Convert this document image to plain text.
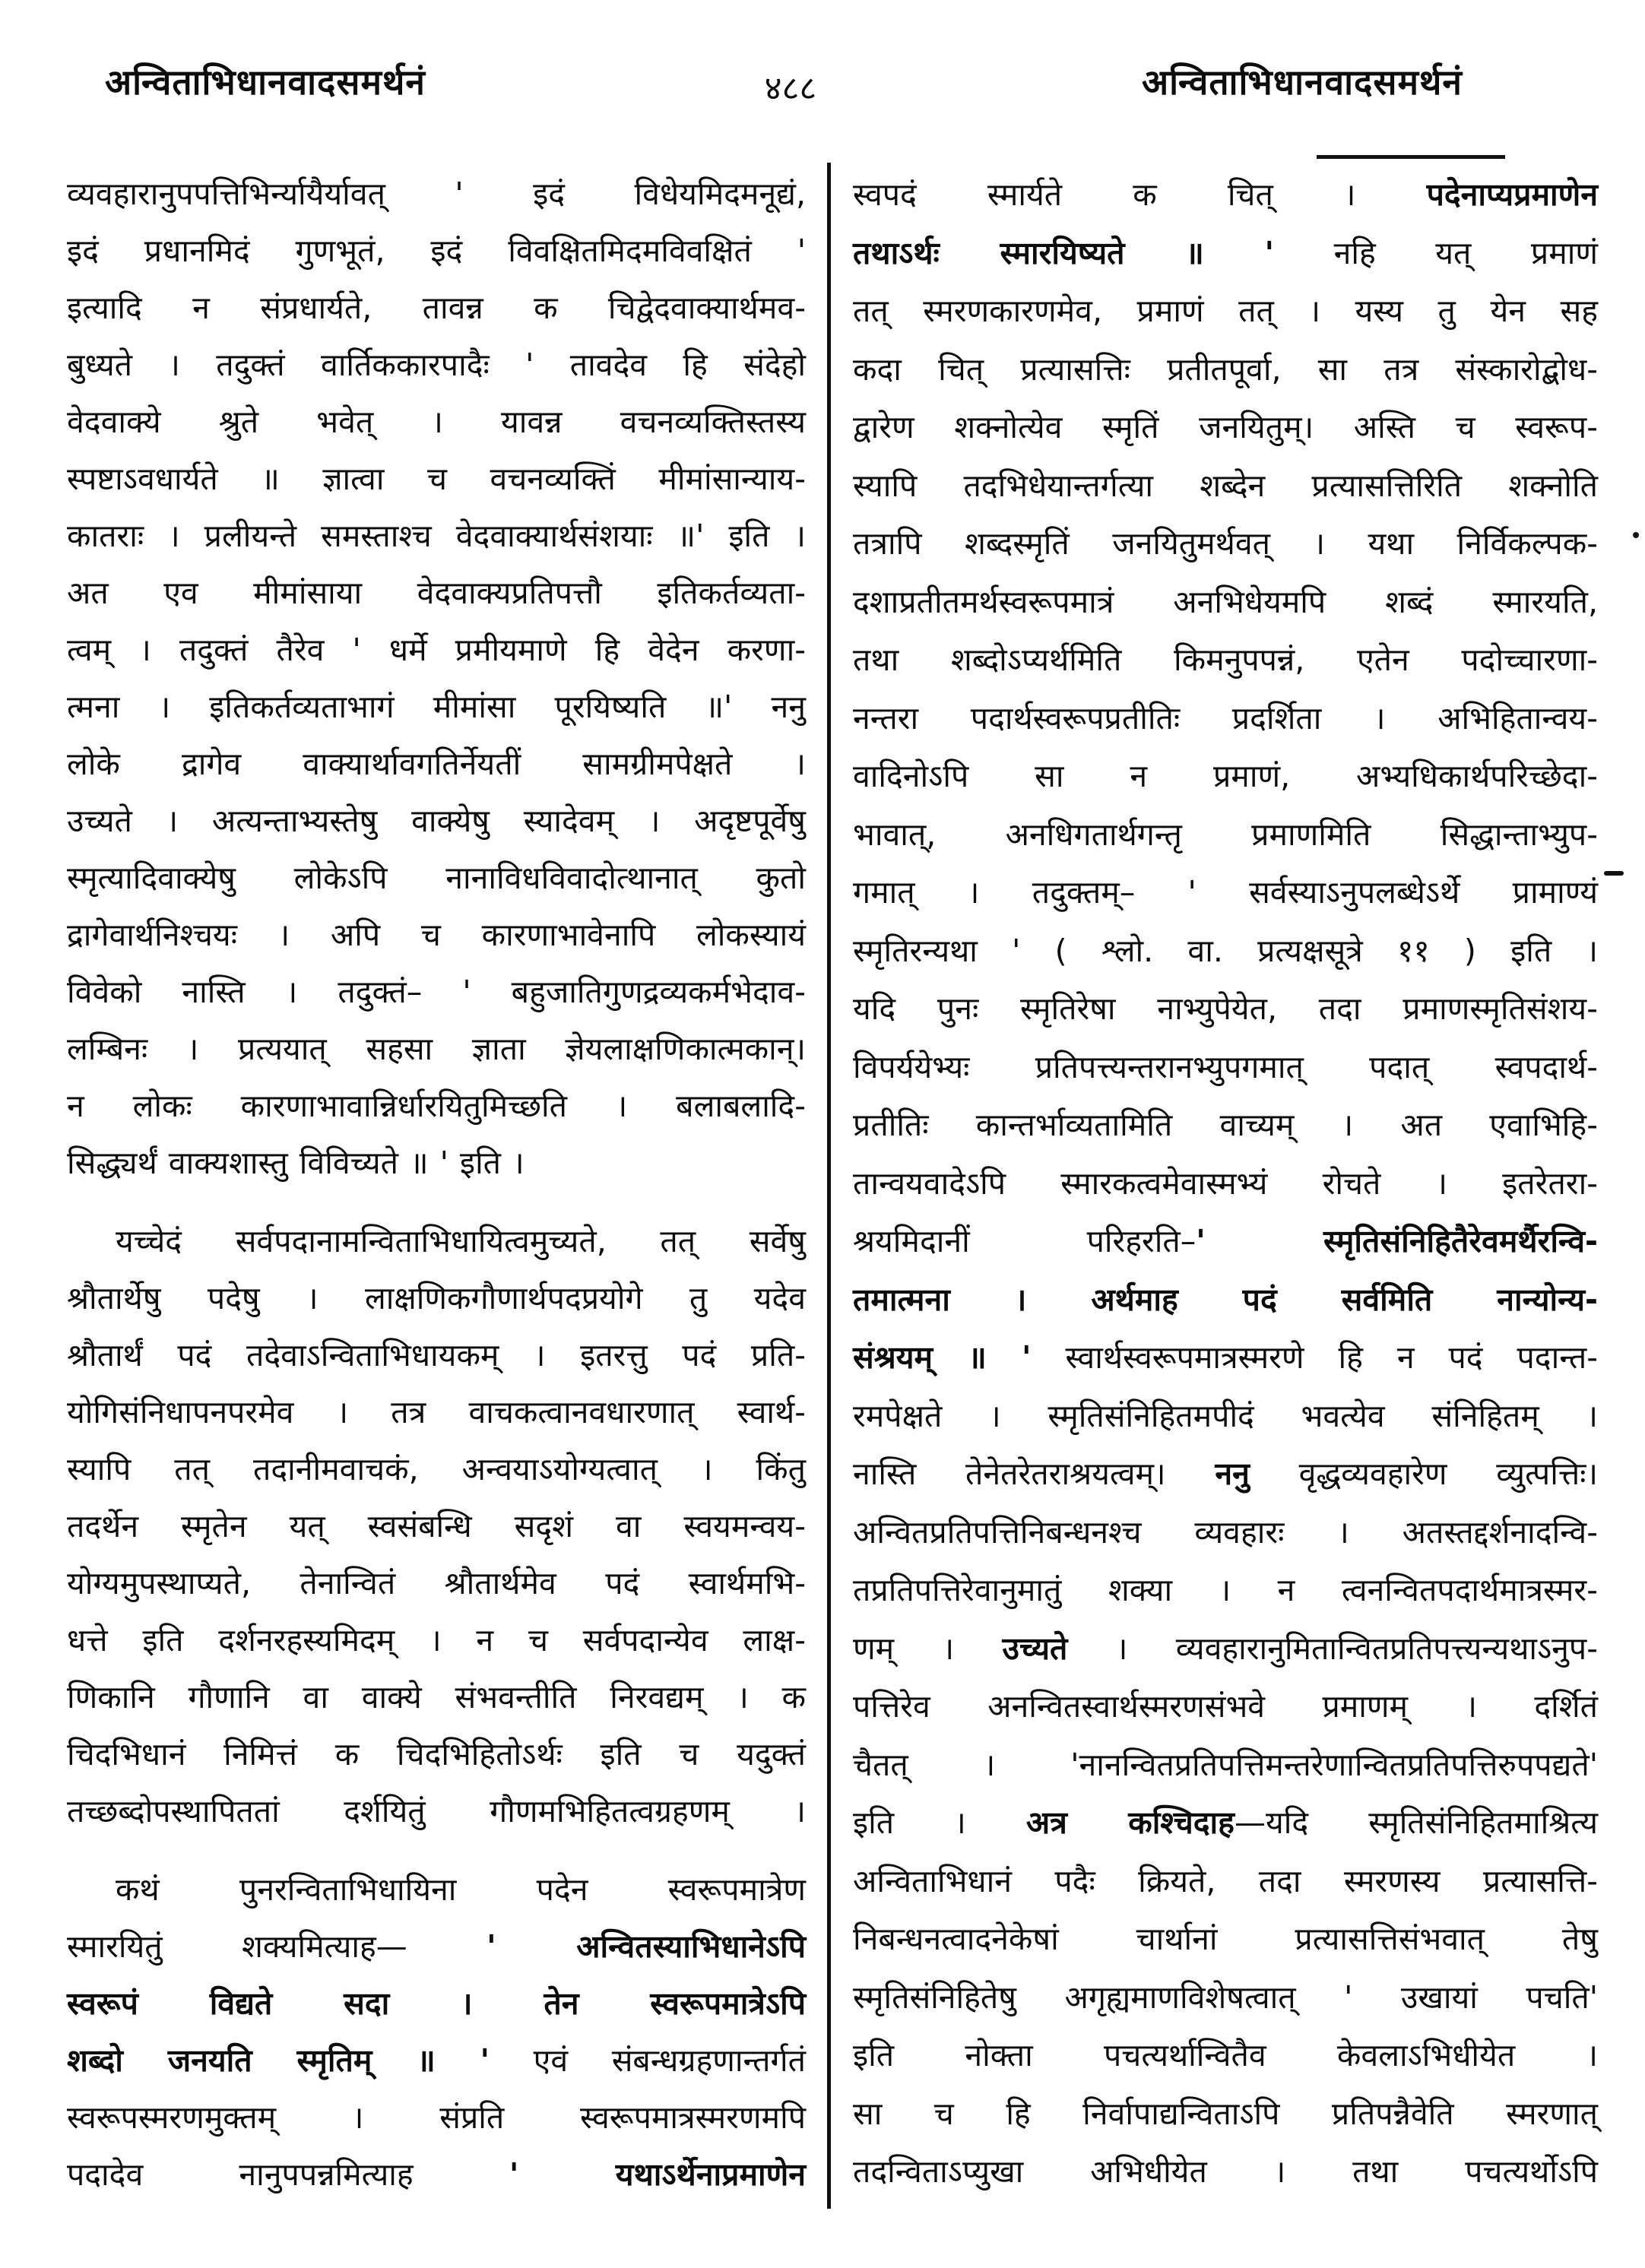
अन्विताभिधानवादसमर्थनं	४८८	अन्विताभिधानवादसमर्थनं
व्यवहारानुपपत्तिभिर्न्यायैर्यावत् ' इदं विधेयमिदमनूद्यं,
इदं प्रधानमिदं गुणभूतं, इदं विवक्षितमिदमविवक्षितं '
इत्यादि न संप्रधार्यते, तावन्न क चिद्वेदवाक्यार्थमव-
बुध्यते । तदुक्तं वार्तिककारपादैः ' तावदेव हि संदेहो
वेदवाक्ये श्रुते भवेत् । यावन्न वचनव्यक्तिस्तस्य
स्पष्टाऽवधार्यते ॥ ज्ञात्वा च वचनव्यक्तिं मीमांसान्याय-
कातराः । प्रलीयन्ते समस्ताश्च वेदवाक्यार्थसंशयाः ॥' इति ।
अत एव मीमांसाया वेदवाक्यप्रतिपत्तौ इतिकर्तव्यता-
त्वम् । तदुक्तं तैरेव ' धर्मे प्रमीयमाणे हि वेदेन करणा-
त्मना । इतिकर्तव्यताभागं मीमांसा पूरयिष्यति ॥' ननु
लोके द्रागेव वाक्यार्थावगतिर्नेयतीं सामग्रीमपेक्षते ।
उच्यते । अत्यन्ताभ्यस्तेषु वाक्येषु स्यादेवम् । अदृष्टपूर्वेषु
स्मृत्यादिवाक्येषु लोकेऽपि नानाविधविवादोत्थानात् कुतो
द्रागेवार्थनिश्चयः । अपि च कारणाभावेनापि लोकस्यायं
विवेको नास्ति । तदुक्तं– ' बहुजातिगुणद्रव्यकर्मभेदाव-
लम्बिनः । प्रत्ययात् सहसा ज्ञाता ज्ञेयलाक्षणिकात्मकान्।
न लोकः कारणाभावान्निर्धारयितुमिच्छति । बलाबलादि-
सिद्ध्यर्थं वाक्यशास्तु विविच्यते ॥ ' इति ।
यच्चेदं सर्वपदानामन्विताभिधायित्वमुच्यते, तत् सर्वेषु
श्रौतार्थेषु पदेषु । लाक्षणिकगौणार्थपदप्रयोगे तु यदेव
श्रौतार्थं पदं तदेवाऽन्विताभिधायकम् । इतरत्तु पदं प्रति-
योगिसंनिधापनपरमेव । तत्र वाचकत्वानवधारणात् स्वार्थ-
स्यापि तत् तदानीमवाचकं, अन्वयाऽयोग्यत्वात् । किंतु
तदर्थेन स्मृतेन यत् स्वसंबन्धि सदृशं वा स्वयमन्वय-
योग्यमुपस्थाप्यते, तेनान्वितं श्रौतार्थमेव पदं स्वार्थमभि-
धत्ते इति दर्शनरहस्यमिदम् । न च सर्वपदान्येव लाक्ष-
णिकानि गौणानि वा वाक्ये संभवन्तीति निरवद्यम् । क
चिदभिधानं निमित्तं क चिदभिहितोऽर्थः इति च यदुक्तं
तच्छब्दोपस्थापिततां दर्शयितुं गौणमभिहितत्वग्रहणम् ।
कथं पुनरन्विताभिधायिना पदेन स्वरूपमात्रेण
स्मारयितुं शक्यमित्याह— ' अन्वितस्याभिधानेऽपि
स्वरूपं विद्यते सदा । तेन स्वरूपमात्रेऽपि
शब्दो जनयति स्मृतिम् ॥ ' एवं संबन्धग्रहणान्तर्गतं
स्वरूपस्मरणमुक्तम् । संप्रति स्वरूपमात्रस्मरणमपि
पदादेव नानुपपन्नमित्याह ' यथाऽर्थेनाप्रमाणेन
स्वपदं स्मार्यते क चित् । पदेनाप्यप्रमाणेन
तथाऽर्थः स्मारयिष्यते ॥ ' नहि यत् प्रमाणं
तत् स्मरणकारणमेव, प्रमाणं तत् । यस्य तु येन सह
कदा चित् प्रत्यासत्तिः प्रतीतपूर्वा, सा तत्र संस्कारोद्बोध-
द्वारेण शक्नोत्येव स्मृतिं जनयितुम्। अस्ति च स्वरूप-
स्यापि तदभिधेयान्तर्गत्या शब्देन प्रत्यासत्तिरिति शक्नोति
तत्रापि शब्दस्मृतिं जनयितुमर्थवत् । यथा निर्विकल्पक-
दशाप्रतीतमर्थस्वरूपमात्रं अनभिधेयमपि शब्दं स्मारयति,
तथा शब्दोऽप्यर्थमिति किमनुपपन्नं, एतेन पदोच्चारणा-
नन्तरा पदार्थस्वरूपप्रतीतिः प्रदर्शिता । अभिहितान्वय-
वादिनोऽपि सा न प्रमाणं, अभ्यधिकार्थपरिच्छेदा-
भावात्, अनधिगतार्थगन्तृ प्रमाणमिति सिद्धान्ताभ्युप-
गमात् । तदुक्तम्– ' सर्वस्याऽनुपलब्धेऽर्थे प्रामाण्यं
स्मृतिरन्यथा ' ( श्लो. वा. प्रत्यक्षसूत्रे ११ ) इति ।
यदि पुनः स्मृतिरेषा नाभ्युपेयेत, तदा प्रमाणस्मृतिसंशय-
विपर्ययेभ्यः प्रतिपत्त्यन्तरानभ्युपगमात् पदात् स्वपदार्थ-
प्रतीतिः कान्तर्भाव्यतामिति वाच्यम् । अत एवाभिहि-
तान्वयवादेऽपि स्मारकत्वमेवास्मभ्यं रोचते । इतरेतरा-
श्रयमिदानीं परिहरति–' स्मृतिसंनिहितैरेवमर्थैरन्वि-
तमात्मना । अर्थमाह पदं सर्वमिति नान्योन्य-
संश्रयम् ॥ ' स्वार्थस्वरूपमात्रस्मरणे हि न पदं पदान्त-
रमपेक्षते । स्मृतिसंनिहितमपीदं भवत्येव संनिहितम् ।
नास्ति तेनेतरेतराश्रयत्वम्। ननु वृद्धव्यवहारेण व्युत्पत्तिः।
अन्वितप्रतिपत्तिनिबन्धनश्च व्यवहारः । अतस्तद्दर्शनादन्वि-
तप्रतिपत्तिरेवानुमातुं शक्या । न त्वनन्वितपदार्थमात्रस्मर-
णम् । उच्यते । व्यवहारानुमितान्वितप्रतिपत्त्यन्यथाऽनुप-
पत्तिरेव अनन्वितस्वार्थस्मरणसंभवे प्रमाणम् । दर्शितं
चैतत् । 'नानन्वितप्रतिपत्तिमन्तरेणान्वितप्रतिपत्तिरुपपद्यते'
इति । अत्र कश्चिदाह—यदि स्मृतिसंनिहितमाश्रित्य
अन्विताभिधानं पदैः क्रियते, तदा स्मरणस्य प्रत्यासत्ति-
निबन्धनत्वादनेकेषां चार्थानां प्रत्यासत्तिसंभवात् तेषु
स्मृतिसंनिहितेषु अगृह्यमाणविशेषत्वात् ' उखायां पचति'
इति नोक्ता पचत्यर्थान्वितैव केवलाऽभिधीयेत ।
सा च हि निर्वापाद्यन्विताऽपि प्रतिपन्नैवेति स्मरणात्
तदन्विताऽप्युखा अभिधीयेत । तथा पचत्यर्थोऽपि
